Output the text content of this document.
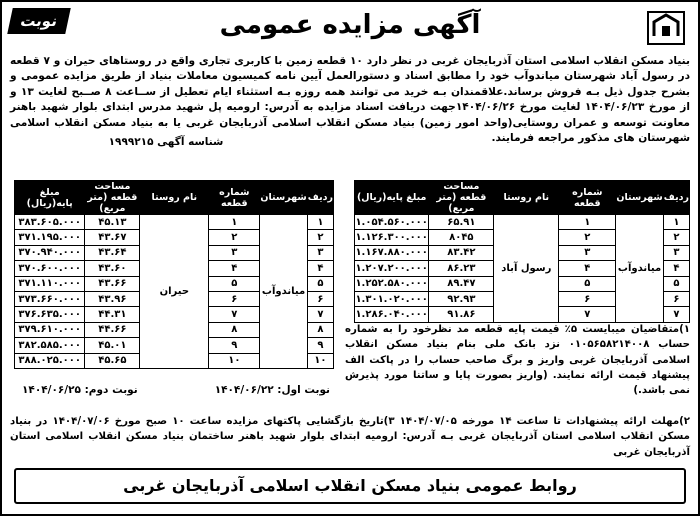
آگهی مزایده عمومی
نوبت اول
بنیاد مسکن انقلاب اسلامی استان آذربایجان غربی در نظر دارد ۱۰ قطعه زمین با کاربری تجاری واقع در روستاهای حیران و ۷ قطعه در رسول آباد شهرستان میاندوآب خود را مطابق اسناد و دستورالعمل آیین نامه کمیسیون معاملات بنیاد از طریق مزایده عمومی و بشرح جدول ذیل بـه فروش برساند.علاقمندان بـه خرید می توانند همه روزه بـه استثناء ایام تعطیل از ســاعت ۸ صــبح لغایت ۱۳ و از مورخ ۱۴۰۴/۰۶/۲۳ لغایت مورخ ۱۴۰۴/۰۶/۲۶جهت دریافت اسناد مزایده به آدرس: ارومیه پل شهید مدرس ابتدای بلوار شهید باهنر معاونت توسعه و عمران روستایی(واحد امور زمین) بنیاد مسکن انقلاب اسلامی آذربایجان غربی یا به بنیاد مسکن انقلاب اسلامی شهرستان های مذکور مراجعه فرمایند.
شناسه آگهی ۱۹۹۹۲۱۵
ردیف	شهرستان	شماره قطعه	نام روستا	مساحت قطعه (متر مربع)	مبلغ پایه(ریال)
۱	میاندوآب	۱	رسول آباد	۶۵.۹۱	۱.۰۵۴.۵۶۰.۰۰۰
۲		۲		۸۰۴۵	۱.۱۲۶.۳۰۰.۰۰۰
۳		۳		۸۳.۴۲	۱.۱۶۷.۸۸۰.۰۰۰
۴		۴		۸۶.۲۳	۱.۲۰۷.۲۰۰.۰۰۰
۵		۵		۸۹.۴۷	۱.۲۵۲.۵۸۰.۰۰۰
۶		۶		۹۲.۹۳	۱.۳۰۱.۰۲۰.۰۰۰
۷		۷		۹۱.۸۶	۱.۲۸۶.۰۴۰.۰۰۰
ردیف	شهرستان	شماره قطعه	نام روستا	مساحت قطعه (متر مربع)	مبلغ پایه(ریال)
۱	میاندوآب	۱	حیران	۴۵.۱۳	۳۸۳.۶۰۵.۰۰۰
۲		۲		۴۳.۶۷	۳۷۱.۱۹۵.۰۰۰
۳		۳		۴۳.۶۴	۳۷۰.۹۴۰.۰۰۰
۴		۴		۴۳.۶۰	۳۷۰.۶۰۰.۰۰۰
۵		۵		۴۳.۶۶	۳۷۱.۱۱۰.۰۰۰
۶		۶		۴۳.۹۶	۳۷۳.۶۶۰.۰۰۰
۷		۷		۴۴.۳۱	۳۷۶.۶۳۵.۰۰۰
۸		۸		۴۴.۶۶	۳۷۹.۶۱۰.۰۰۰
۹		۹		۴۵.۰۱	۳۸۲.۵۸۵.۰۰۰
۱۰		۱۰		۴۵.۶۵	۳۸۸.۰۲۵.۰۰۰
نوبت اول: ۱۴۰۴/۰۶/۲۲
نوبت دوم: ۱۴۰۴/۰۶/۲۵
۱)متقاضیان میبایست ۵٪ قیمت پایه قطعه مد نظرخود را به شماره حساب ۰۱۰۵۶۵۸۲۱۴۰۰۸ نزد بانک ملی بنام بنیاد مسکن انقلاب اسلامی آذربایجان غربی واریز و برگ صاحب حساب را در پاکت الف پیشنهاد قیمت ارائه نمایند. (واریز بصورت پایا و ساتنا مورد پذیرش نمی باشد.)
۲)مهلت ارائه پیشنهادات تا ساعت ۱۴ مورخه ۱۴۰۴/۰۷/۰۵ ۳)تاریخ بازگشایی پاکتهای مزایده ساعت ۱۰ صبح مورخ ۱۴۰۴/۰۷/۰۶ در بنیاد مسکن انقلاب اسلامی استان آذربایجان غربی بـه آدرس: ارومیه ابتدای بلوار شهید باهنر ساختمان بنیاد مسکن انقلاب اسلامی استان آذربایجان غربی
روابط عمومی بنیاد مسکن انقلاب اسلامی آذربایجان غربی
